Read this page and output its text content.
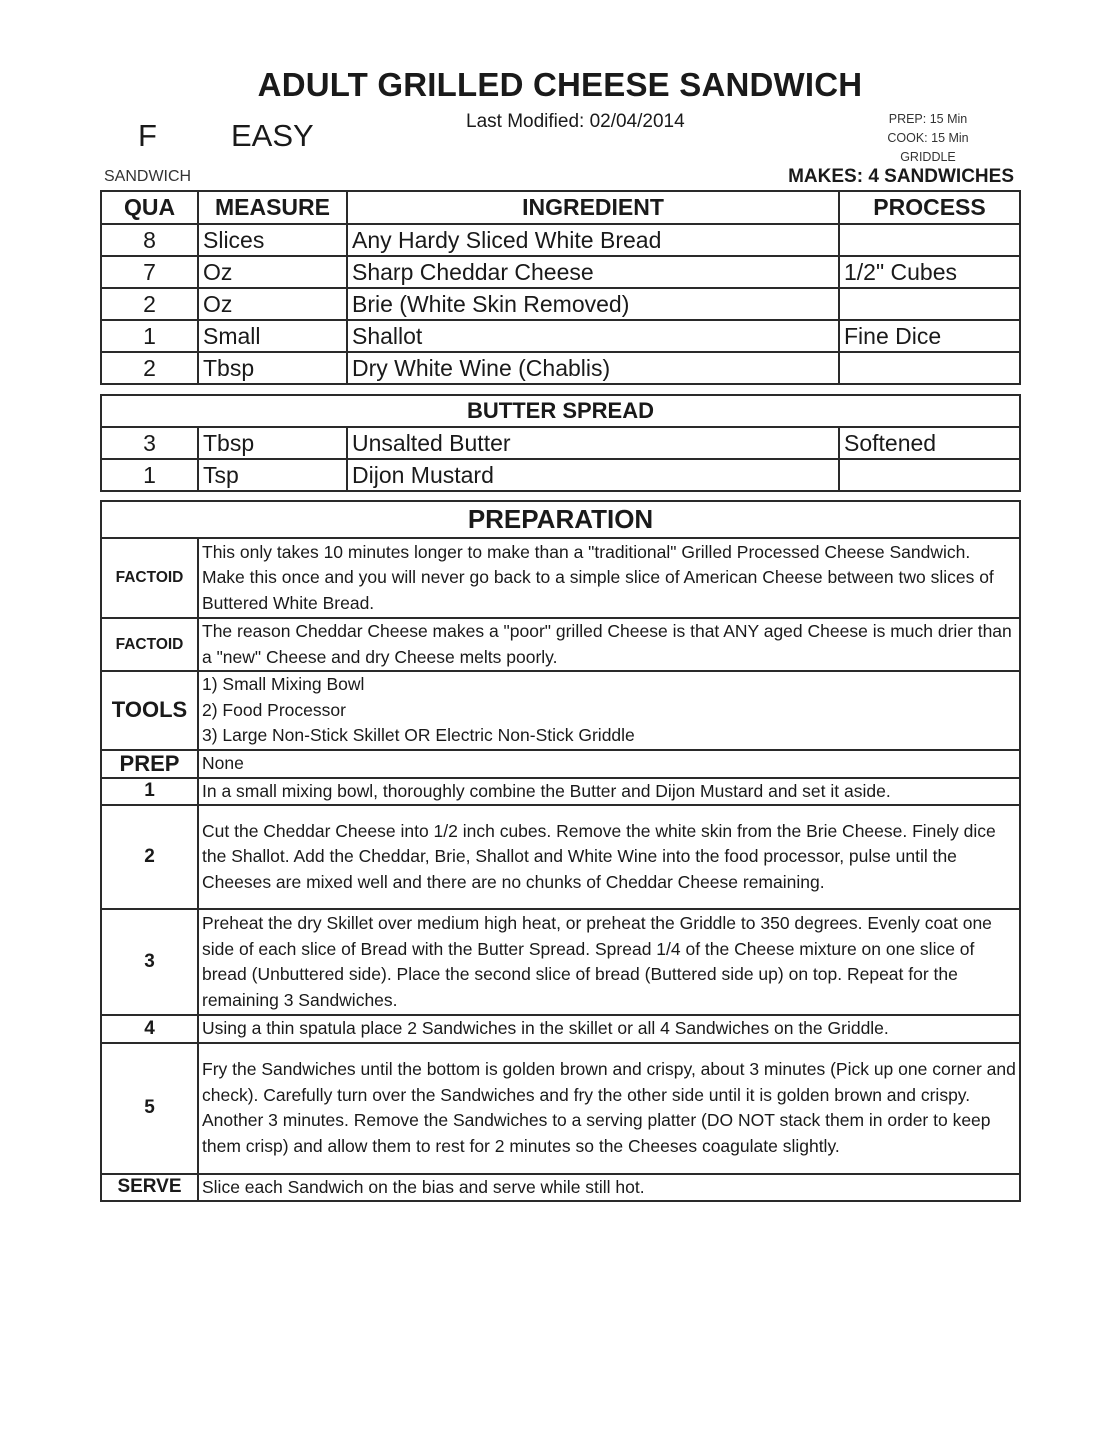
ADULT GRILLED CHEESE SANDWICH
F EASY	Last Modified: 02/04/2014	PREP: 15 Min
COOK: 15 Min
GRIDDLE
SANDWICH	MAKES: 4 SANDWICHES
QUA	MEASURE	INGREDIENT	PROCESS
8	Slices	Any Hardy Sliced White Bread	
7	Oz	Sharp Cheddar Cheese	1/2" Cubes
2	Oz	Brie (White Skin Removed)	
1	Small	Shallot	Fine Dice
2	Tbsp	Dry White Wine (Chablis)	
BUTTER SPREAD			
3	Tbsp	Unsalted Butter	Softened
1	Tsp	Dijon Mustard	
PREPARATION	
FACTOID	This only takes 10 minutes longer to make than a "traditional" Grilled Processed Cheese Sandwich. Make this once and you will never go back to a simple slice of American Cheese between two slices of Buttered White Bread.
FACTOID	The reason Cheddar Cheese makes a "poor" grilled Cheese is that ANY aged Cheese is much drier than a "new" Cheese and dry Cheese melts poorly.
TOOLS	1) Small Mixing Bowl
2) Food Processor
3) Large Non-Stick Skillet OR Electric Non-Stick Griddle

PREP	None
1	In a small mixing bowl, thoroughly combine the Butter and Dijon Mustard and set it aside.
2	Cut the Cheddar Cheese into 1/2 inch cubes. Remove the white skin from the Brie Cheese. Finely dice the Shallot. Add the Cheddar, Brie, Shallot and White Wine into the food processor, pulse until the Cheeses are mixed well and there are no chunks of Cheddar Cheese remaining.
3	Preheat the dry Skillet over medium high heat, or preheat the Griddle to 350 degrees. Evenly coat one side of each slice of Bread with the Butter Spread. Spread 1/4 of the Cheese mixture on one slice of bread (Unbuttered side). Place the second slice of bread (Buttered side up) on top. Repeat for the remaining 3 Sandwiches.
4	Using a thin spatula place 2 Sandwiches in the skillet or all 4 Sandwiches on the Griddle.
5	Fry the Sandwiches until the bottom is golden brown and crispy, about 3 minutes (Pick up one corner and check). Carefully turn over the Sandwiches and fry the other side until it is golden brown and crispy. Another 3 minutes. Remove the Sandwiches to a serving platter (DO NOT stack them in order to keep them crisp) and allow them to rest for 2 minutes so the Cheeses coagulate slightly.
SERVE	Slice each Sandwich on the bias and serve while still hot.
